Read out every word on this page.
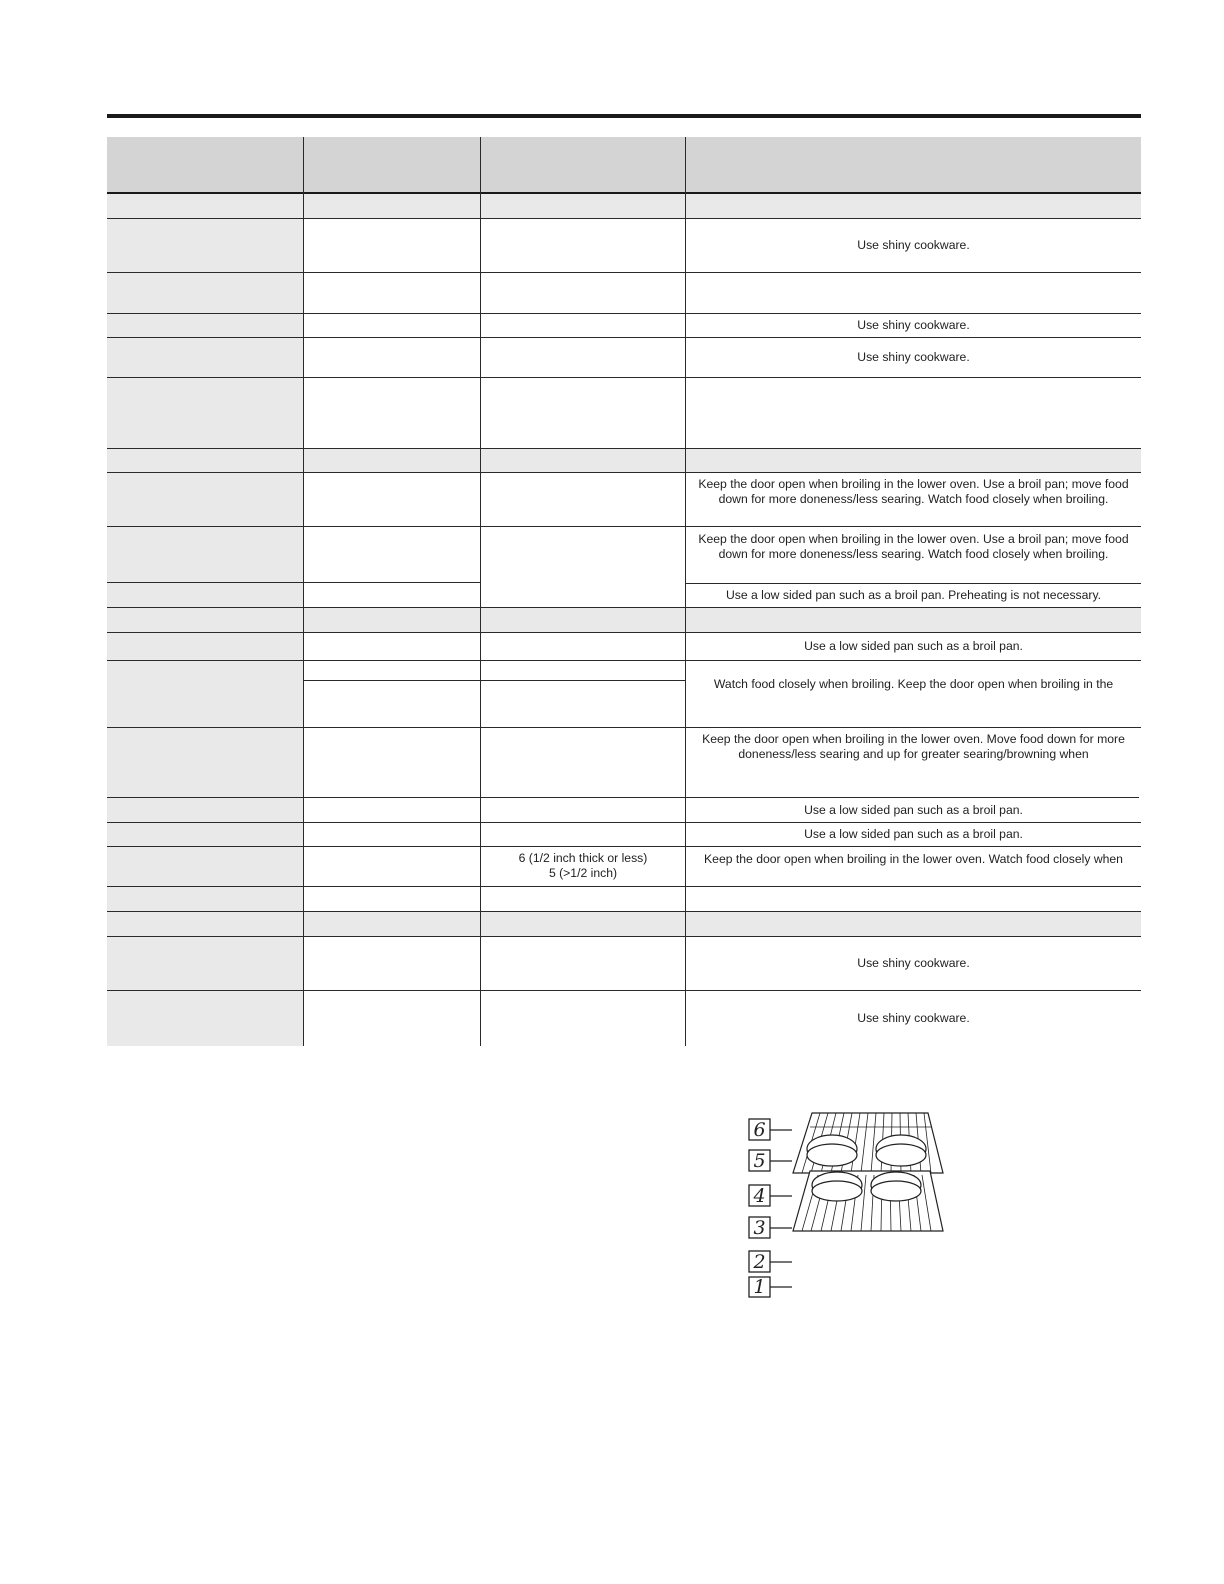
Use shiny cookware.
Use shiny cookware.
Use shiny cookware.
Keep the door open when broiling in the lower oven. Use a broil pan; move food down for more doneness/less searing. Watch food closely when broiling.
Keep the door open when broiling in the lower oven. Use a broil pan; move food down for more doneness/less searing. Watch food closely when broiling.
Use a low sided pan such as a broil pan. Preheating is not necessary.
Use a low sided pan such as a broil pan.
Watch food closely when broiling. Keep the door open when broiling in the
Keep the door open when broiling in the lower oven. Move food down for more doneness/less searing and up for greater searing/browning when
Use a low sided pan such as a broil pan.
Use a low sided pan such as a broil pan.
Keep the door open when broiling in the lower oven. Watch food closely when
Use shiny cookware.
Use shiny cookware.
6 (1/2 inch thick or less)
5 (>1/2 inch)
6
5
4
3
2
1
